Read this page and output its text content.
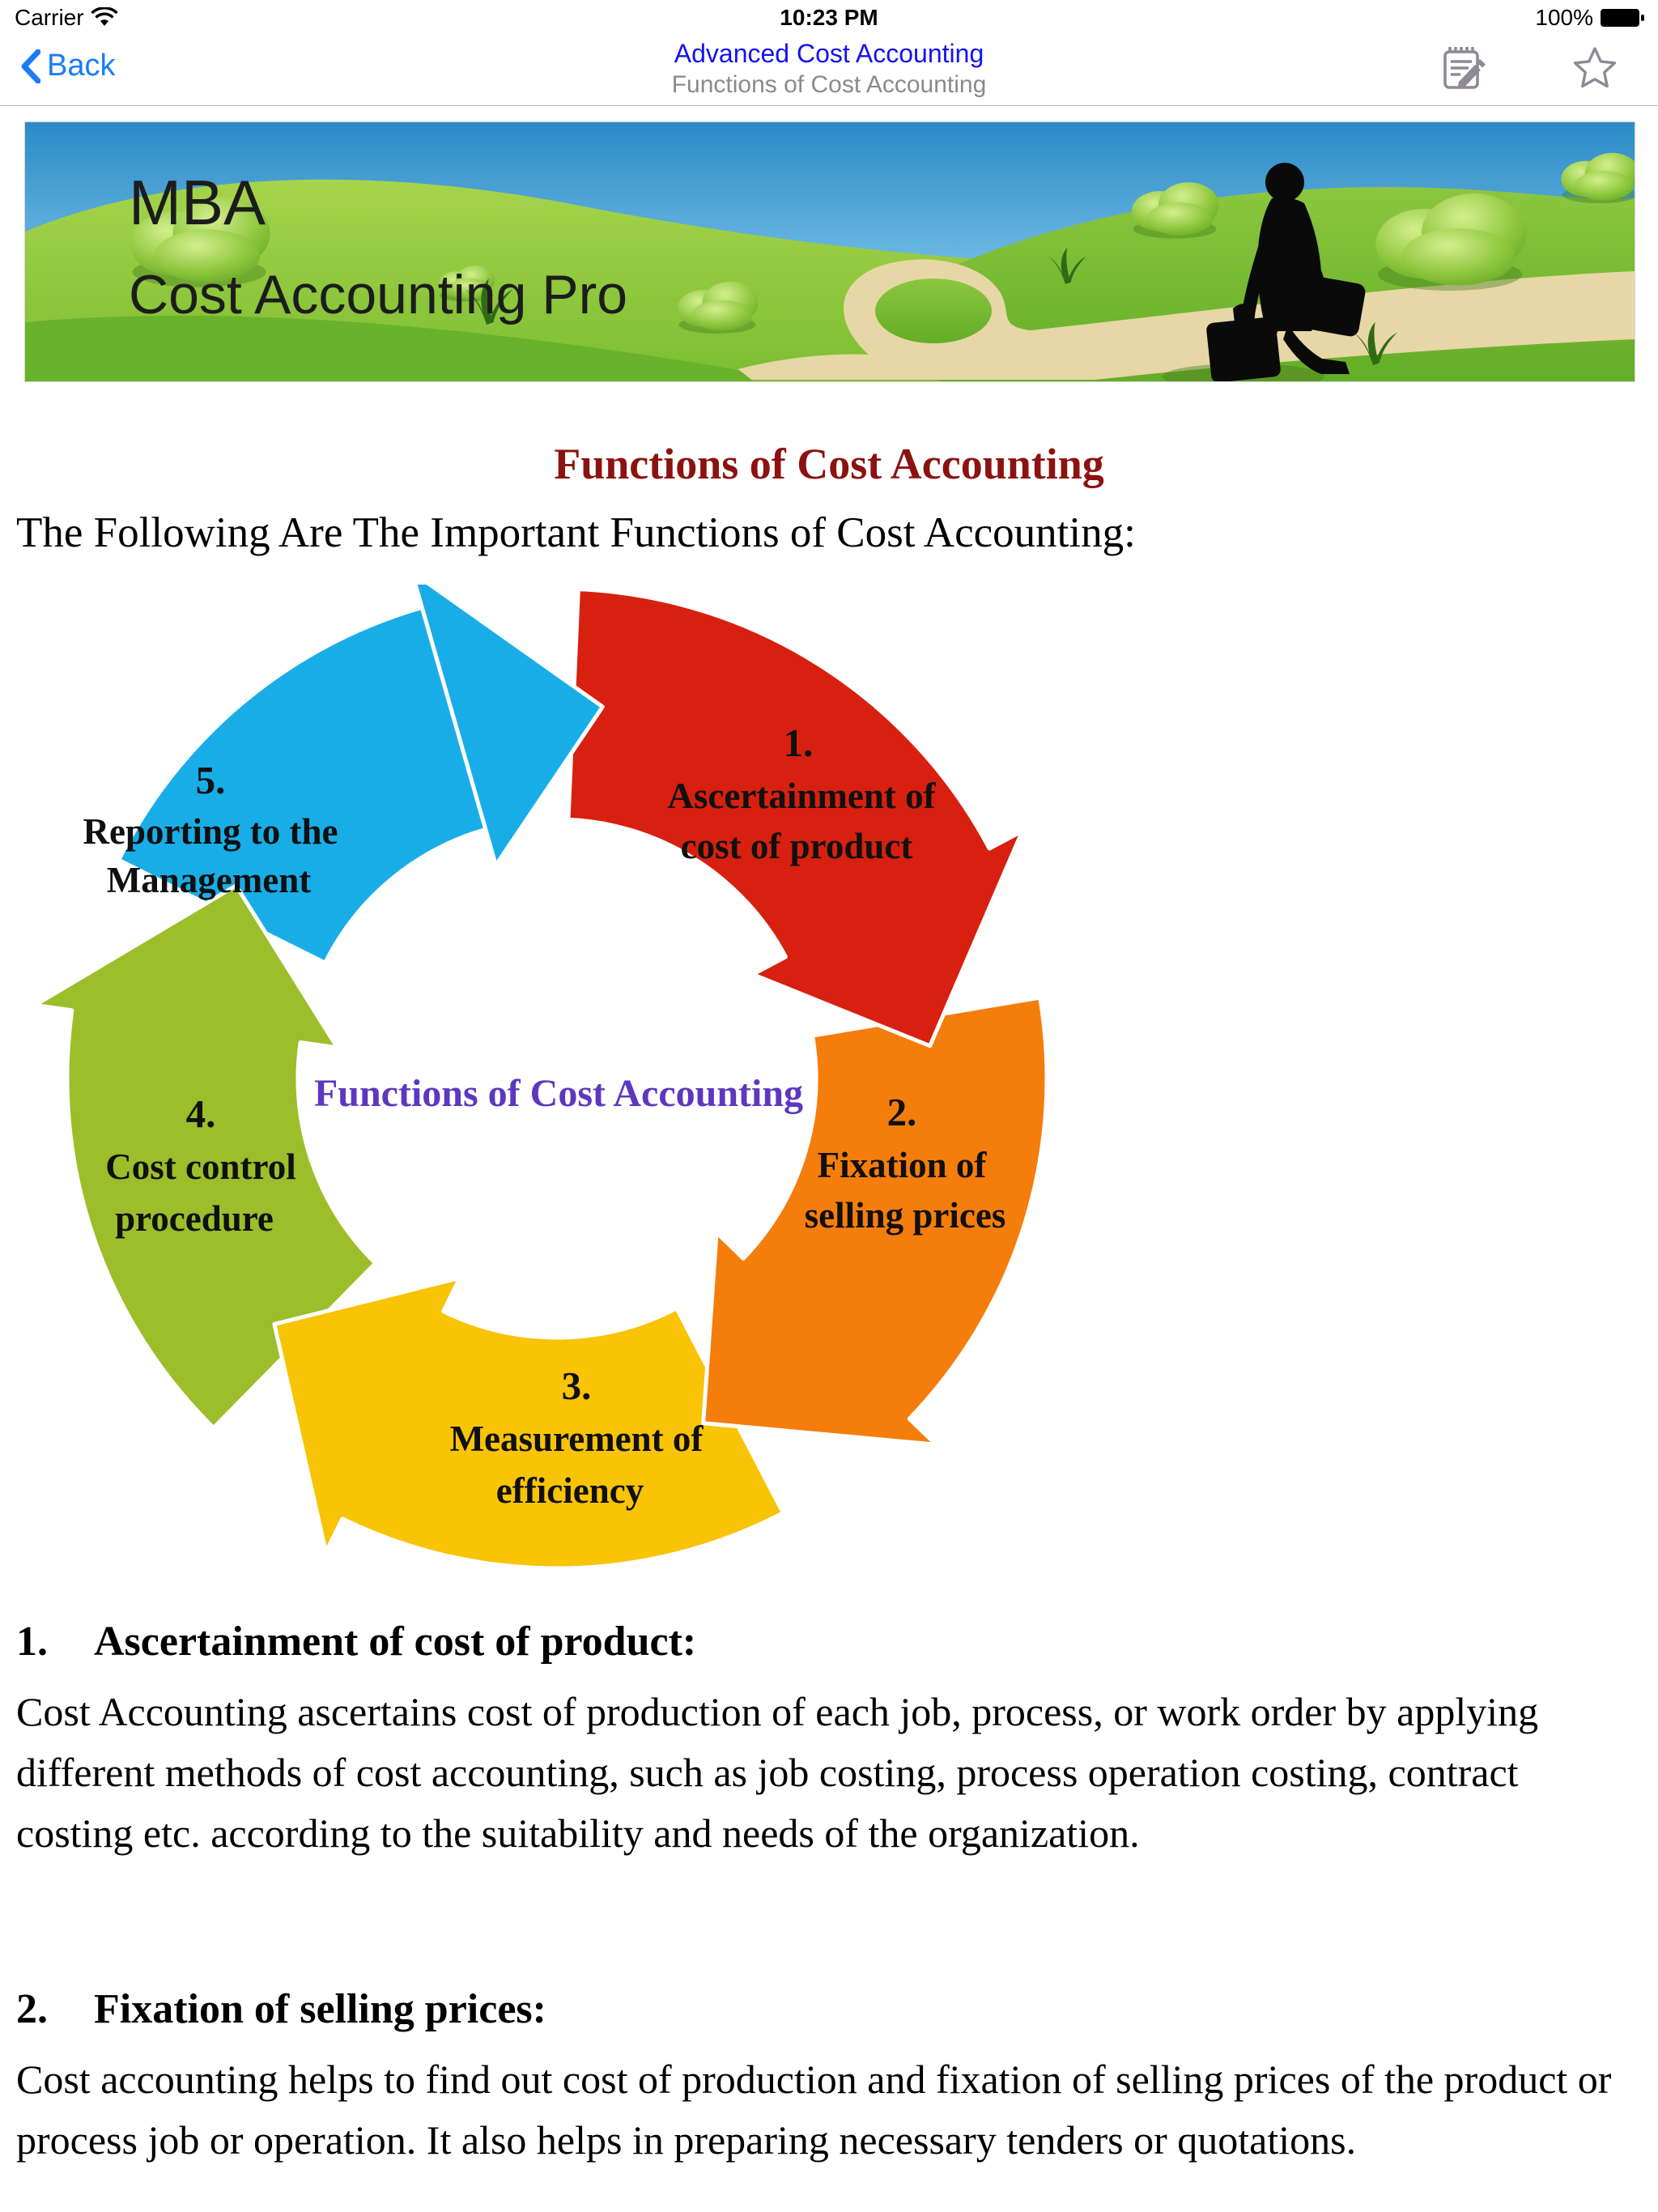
Carrier	10:23 PM	100%
Back	Advanced Cost Accounting
Functions of Cost Accounting
MBA
Cost Accounting Pro
Functions of Cost Accounting
The Following Are The Important Functions of Cost Accounting:
1.
Ascertainment of
cost of product
2.
Fixation of
selling prices
3.
Measurement of
efficiency
4.
Cost control
procedure
5.
Reporting to the
Management
Functions of Cost Accounting
1.	Ascertainment of cost of product:
Cost Accounting ascertains cost of production of each job, process, or work order by applying different methods of cost accounting, such as job costing, process operation costing, contract costing etc. according to the suitability and needs of the organization.
2.	Fixation of selling prices:
Cost accounting helps to find out cost of production and fixation of selling prices of the product or process job or operation. It also helps in preparing necessary tenders or quotations.
